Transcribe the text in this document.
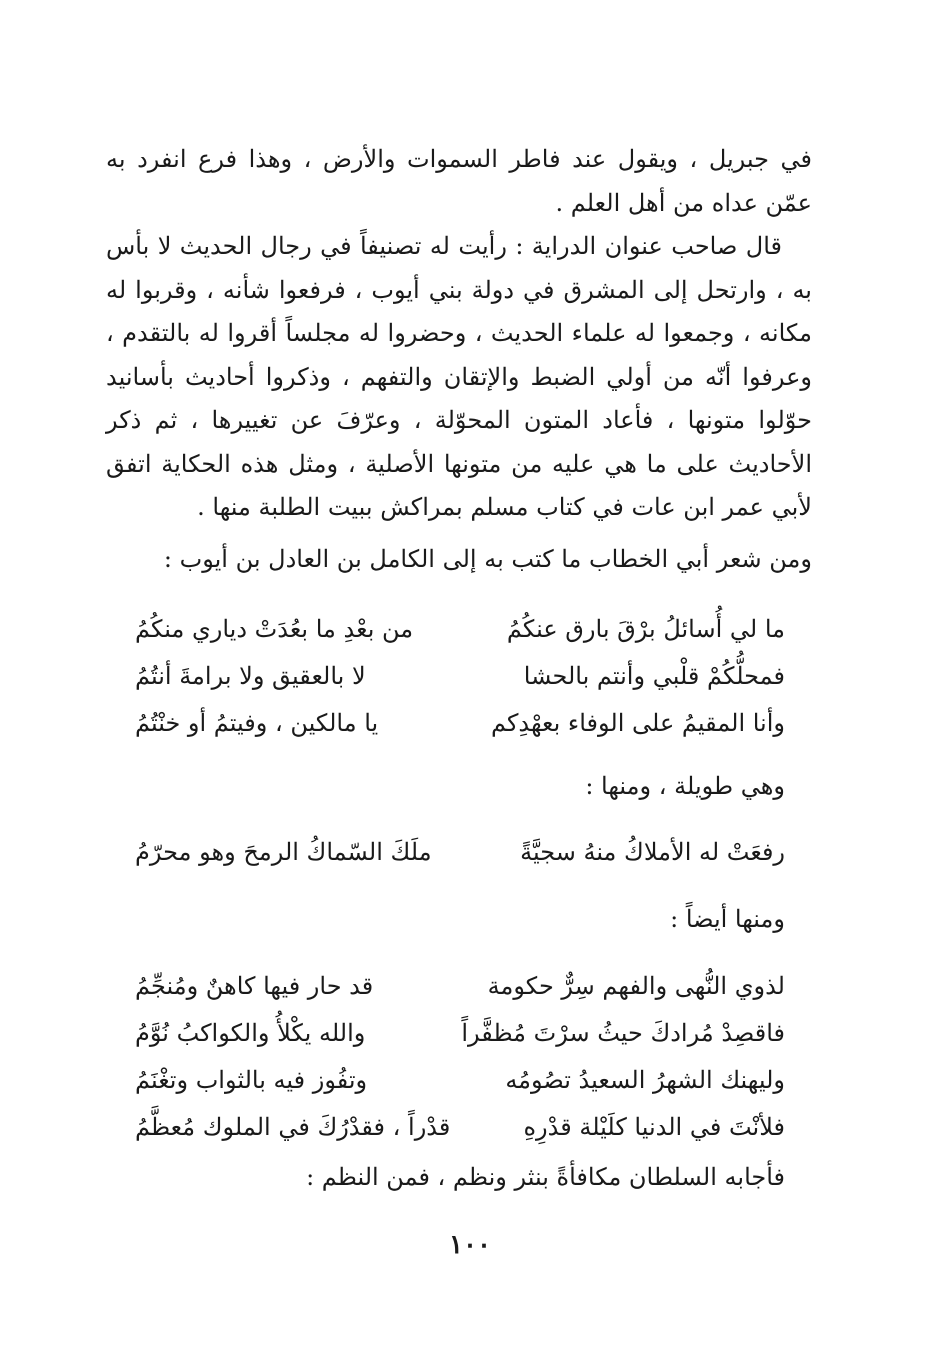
في جبريل ، ويقول عند فاطر السموات والأرض ، وهذا فرع انفرد به عمّن عداه من أهل العلم .

قال صاحب عنوان الدراية : رأيت له تصنيفاً في رجال الحديث لا بأس به ، وارتحل إلى المشرق في دولة بني أيوب ، فرفعوا شأنه ، وقربوا له مكانه ، وجمعوا له علماء الحديث ، وحضروا له مجلساً أقروا له بالتقدم ، وعرفوا أنّه من أولي الضبط والإتقان والتفهم ، وذكروا أحاديث بأسانيد حوّلوا متونها ، فأعاد المتون المحوّلة ، وعرّفَ عن تغييرها ، ثم ذكر الأحاديث على ما هي عليه من متونها الأصلية ، ومثل هذه الحكاية اتفق لأبي عمر ابن عات في كتاب مسلم بمراكش ببيت الطلبة منها .

ومن شعر أبي الخطاب ما كتب به إلى الكامل بن العادل بن أيوب :
ما لي أُسائلُ برْقَ بارق عنكُمُ
من بعْدِ ما بعُدَتْ دياري منكُمُ
فمحلُّكُمْ قلْبي وأنتم بالحشا
لا بالعقيق ولا برامةَ أنتُمُ
وأنا المقيمُ على الوفاء بعهْدِكم
يا مالكين ، وفيتمُ أو خنْتُمُ
وهي طويلة ، ومنها :
رفعَتْ له الأملاكُ منهُ سجيَّةً
ملَكَ السّماكُ الرمحَ وهو محرّمُ
ومنها أيضاً :
لذوي النُّهى والفهم سِرٌّ حكومة
قد حار فيها كاهنٌ ومُنجِّمُ
فاقصِدْ مُرادكَ حيثُ سرْتَ مُظفَّراً
والله يكْلأُ والكواكبُ نُوَّمُ
وليهنك الشهرُ السعيدُ تصُومُه
وتفُوز فيه بالثواب وتغْنَمُ
فلأنْتَ في الدنيا كلَيْلة قدْرِهِ
قدْراً ، فقدْرُكَ في الملوك مُعظَّمُ
فأجابه السلطان مكافأةً بنثر ونظم ، فمن النظم :
١٠٠
